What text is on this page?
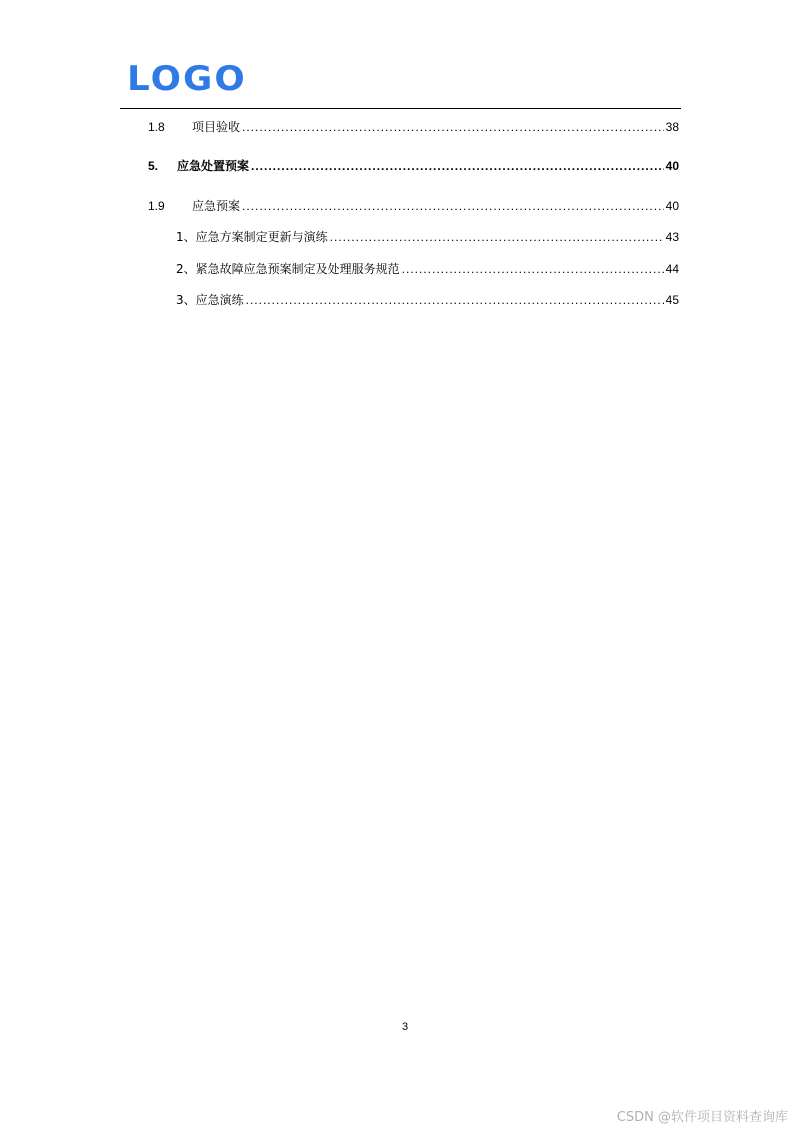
LOGO
1.8	项目验收 .....	38
5.	应急处置预案 .....	40
1.9	应急预案 .....	40
1、应急方案制定更新与演练 .....	43
2、紧急故障应急预案制定及处理服务规范 .....	44
3、应急演练 .....	45
3
CSDN @软件项目资料查询库
